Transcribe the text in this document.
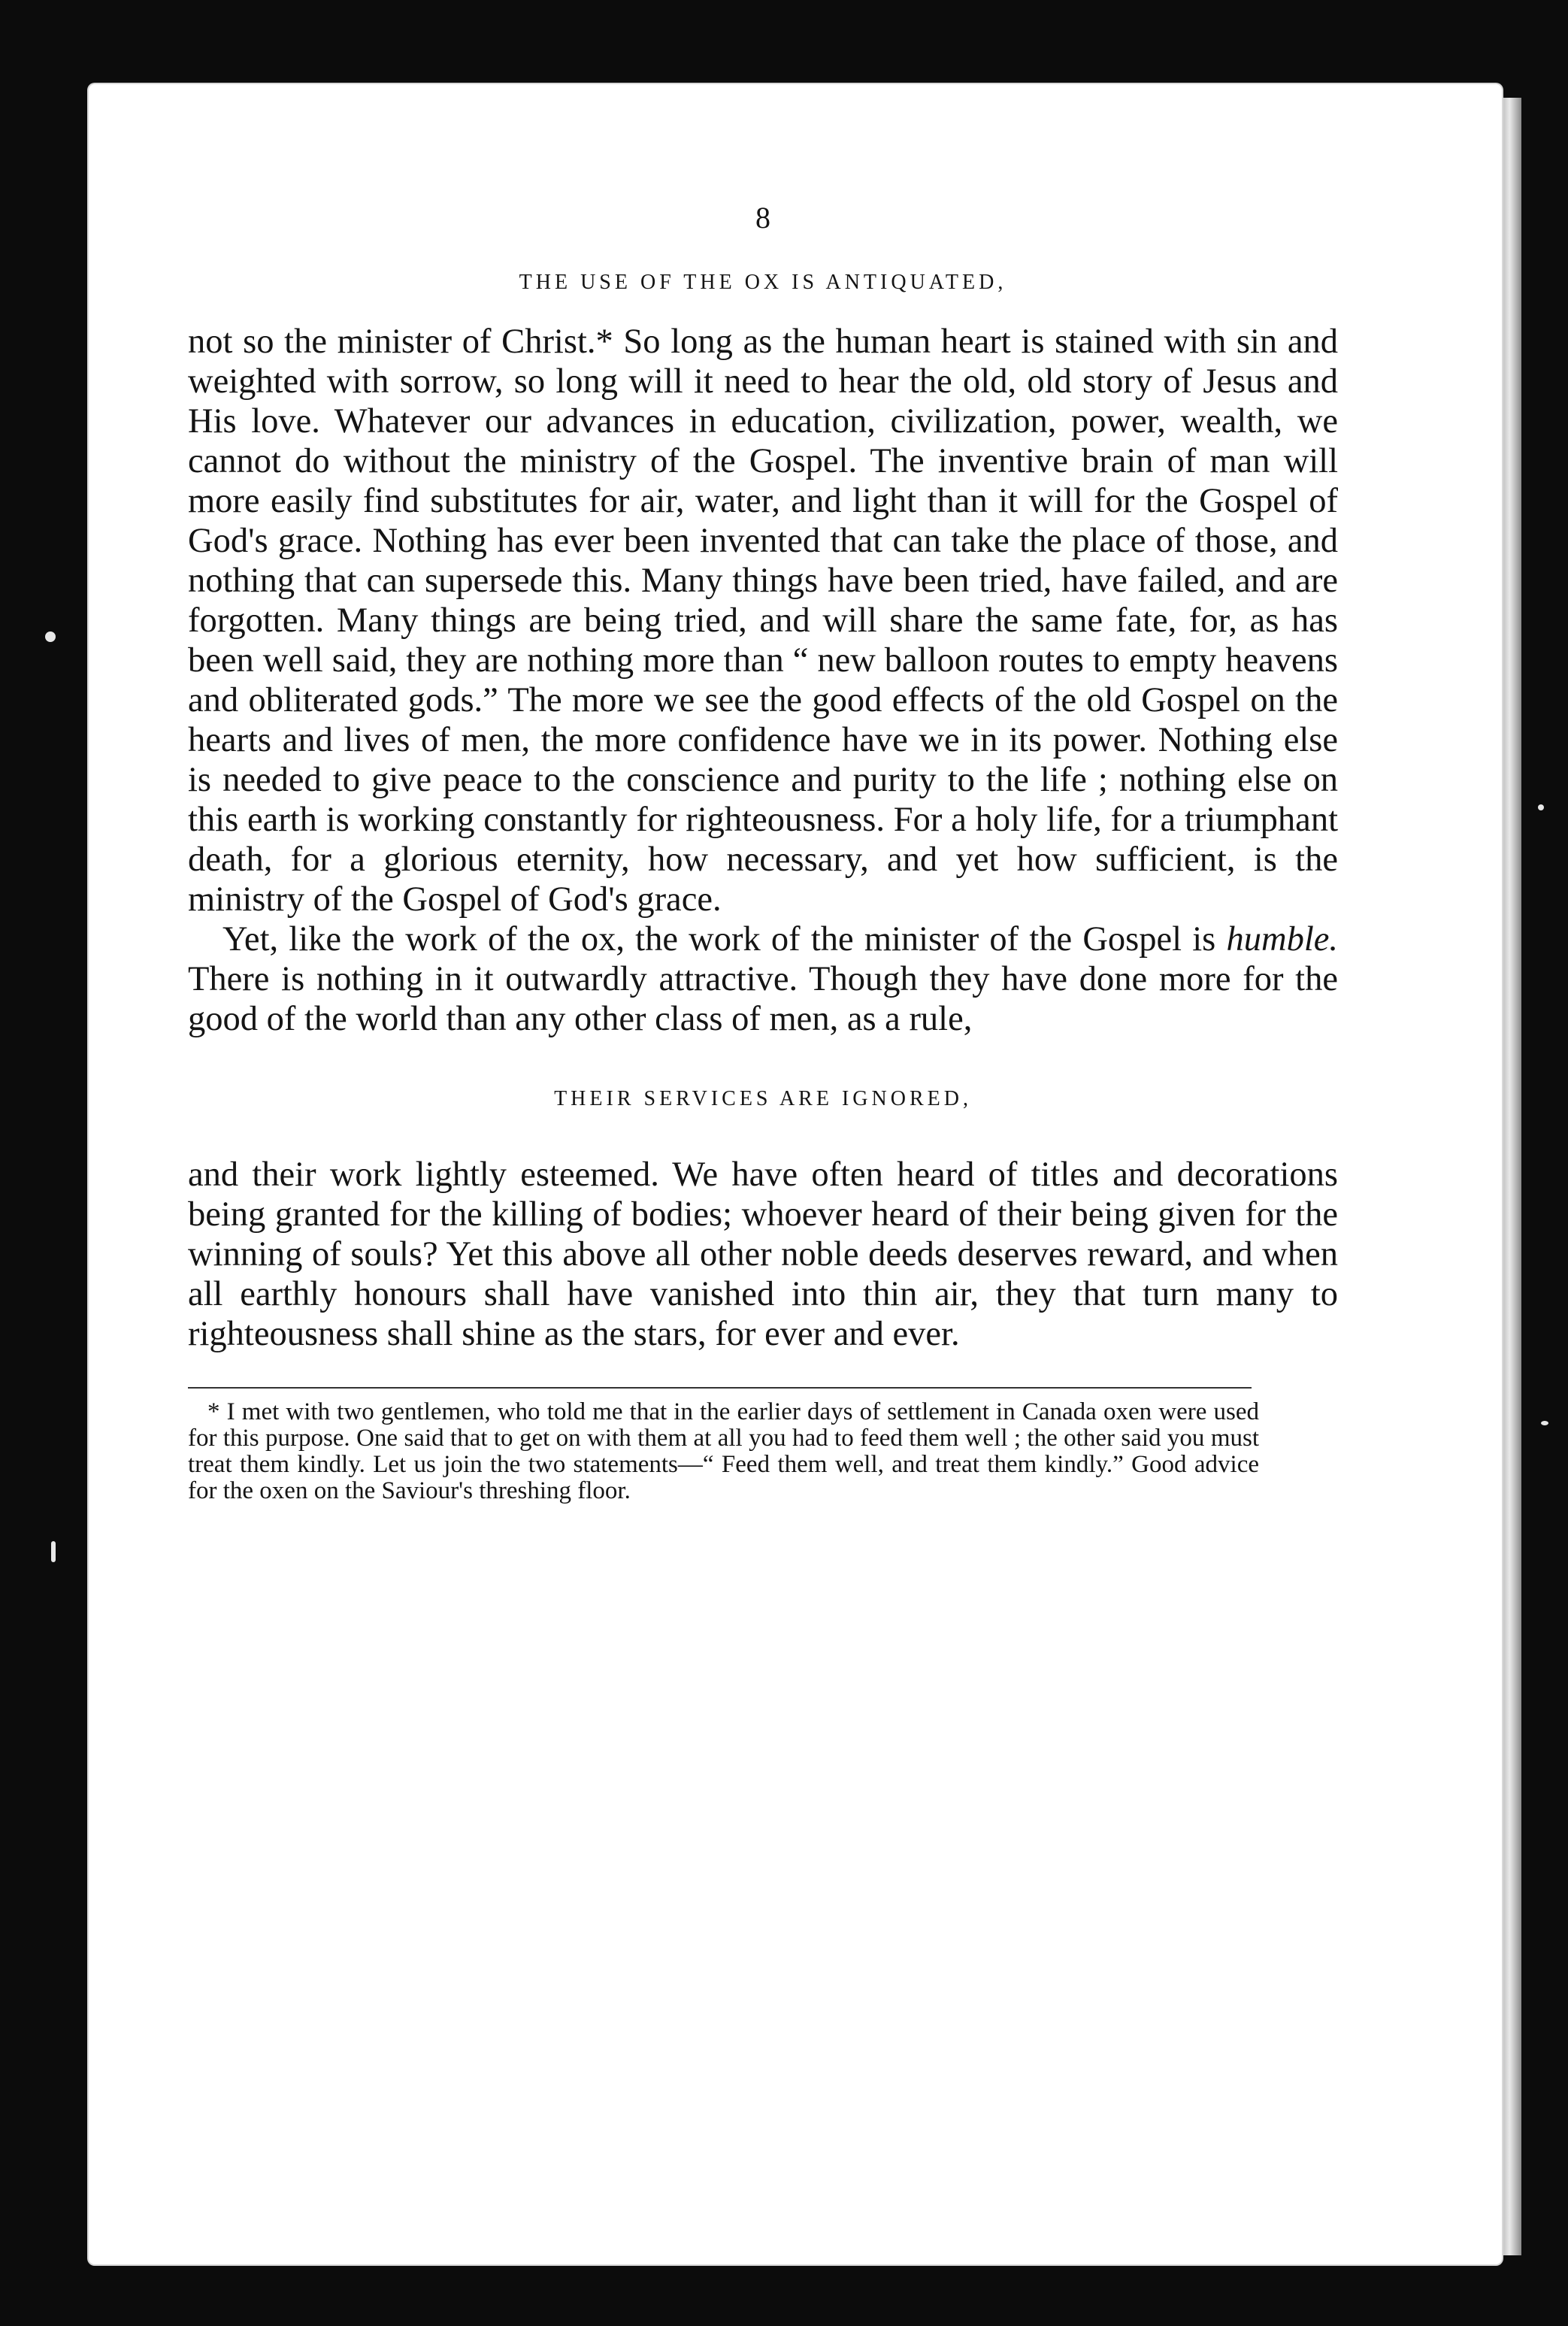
8
THE USE OF THE OX IS ANTIQUATED,

not so the minister of Christ.* So long as the human heart is stained with sin and weighted with sorrow, so long will it need to hear the old, old story of Jesus and His love. Whatever our advances in education, civilization, power, wealth, we cannot do without the ministry of the Gospel. The inventive brain of man will more easily find substitutes for air, water, and light than it will for the Gospel of God's grace. Nothing has ever been invented that can take the place of those, and nothing that can supersede this. Many things have been tried, have failed, and are forgotten. Many things are being tried, and will share the same fate, for, as has been well said, they are nothing more than “ new balloon routes to empty heavens and obliterated gods.” The more we see the good effects of the old Gospel on the hearts and lives of men, the more confidence have we in its power. Nothing else is needed to give peace to the conscience and purity to the life ; nothing else on this earth is working constantly for righteousness. For a holy life, for a triumphant death, for a glorious eternity, how necessary, and yet how sufficient, is the ministry of the Gospel of God's grace.

Yet, like the work of the ox, the work of the minister of the Gospel is humble. There is nothing in it outwardly attractive. Though they have done more for the good of the world than any other class of men, as a rule,

THEIR SERVICES ARE IGNORED,

and their work lightly esteemed. We have often heard of titles and decorations being granted for the killing of bodies; whoever heard of their being given for the winning of souls? Yet this above all other noble deeds deserves reward, and when all earthly honours shall have vanished into thin air, they that turn many to righteousness shall shine as the stars, for ever and ever.

* I met with two gentlemen, who told me that in the earlier days of settlement in Canada oxen were used for this purpose. One said that to get on with them at all you had to feed them well ; the other said you must treat them kindly. Let us join the two statements—“ Feed them well, and treat them kindly.” Good advice for the oxen on the Saviour's threshing floor.
